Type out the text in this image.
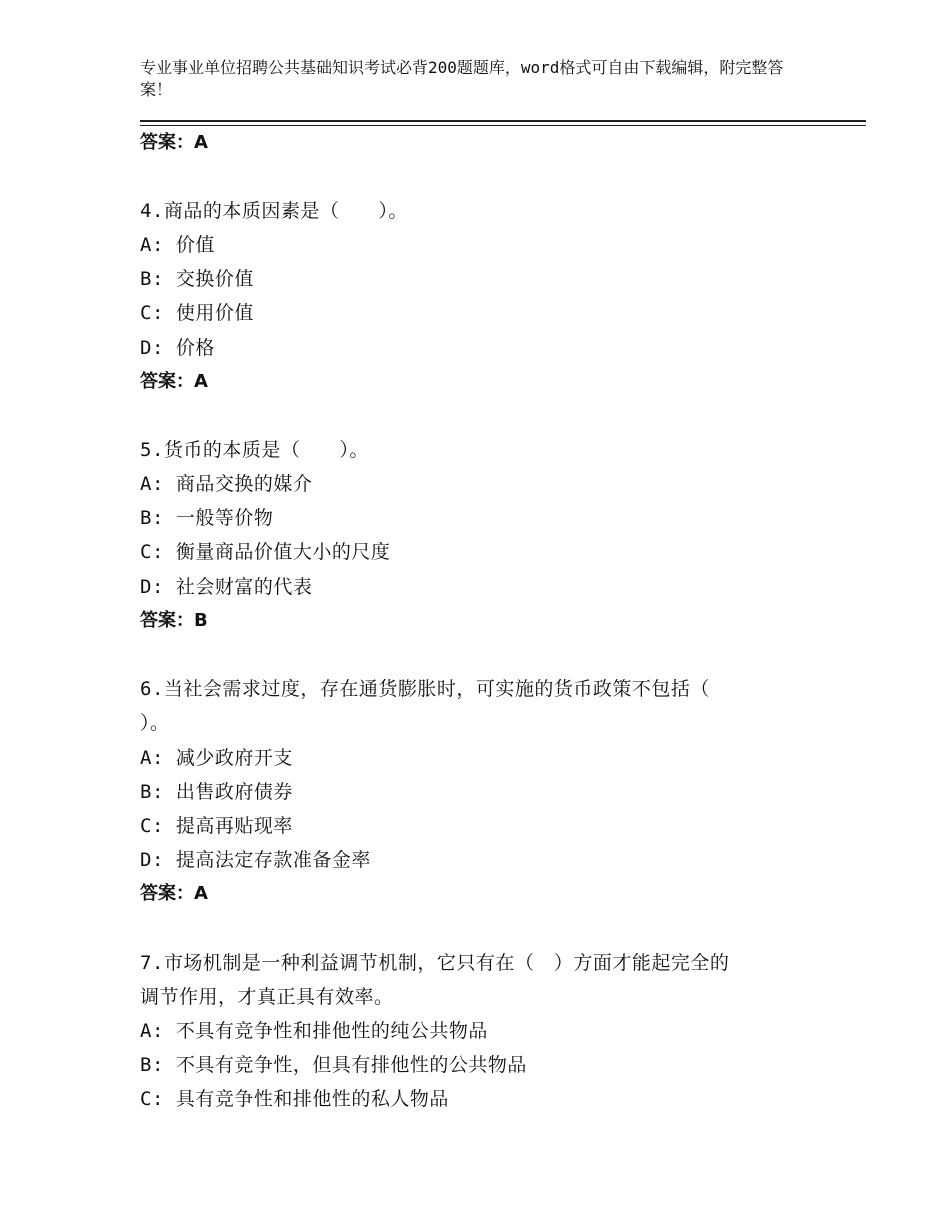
专业事业单位招聘公共基础知识考试必背200题题库，word格式可自由下载编辑，附完整答案！
答案：A
4.商品的本质因素是（　　）。
A: 价值
B: 交换价值
C: 使用价值
D: 价格
答案：A
5.货币的本质是（　　）。
A: 商品交换的媒介
B: 一般等价物
C: 衡量商品价值大小的尺度
D: 社会财富的代表
答案：B
6.当社会需求过度，存在通货膨胀时，可实施的货币政策不包括（
）。
A: 减少政府开支
B: 出售政府债券
C: 提高再贴现率
D: 提高法定存款准备金率
答案：A
7.市场机制是一种利益调节机制，它只有在（　）方面才能起完全的
调节作用，才真正具有效率。
A: 不具有竞争性和排他性的纯公共物品
B: 不具有竞争性，但具有排他性的公共物品
C: 具有竞争性和排他性的私人物品
